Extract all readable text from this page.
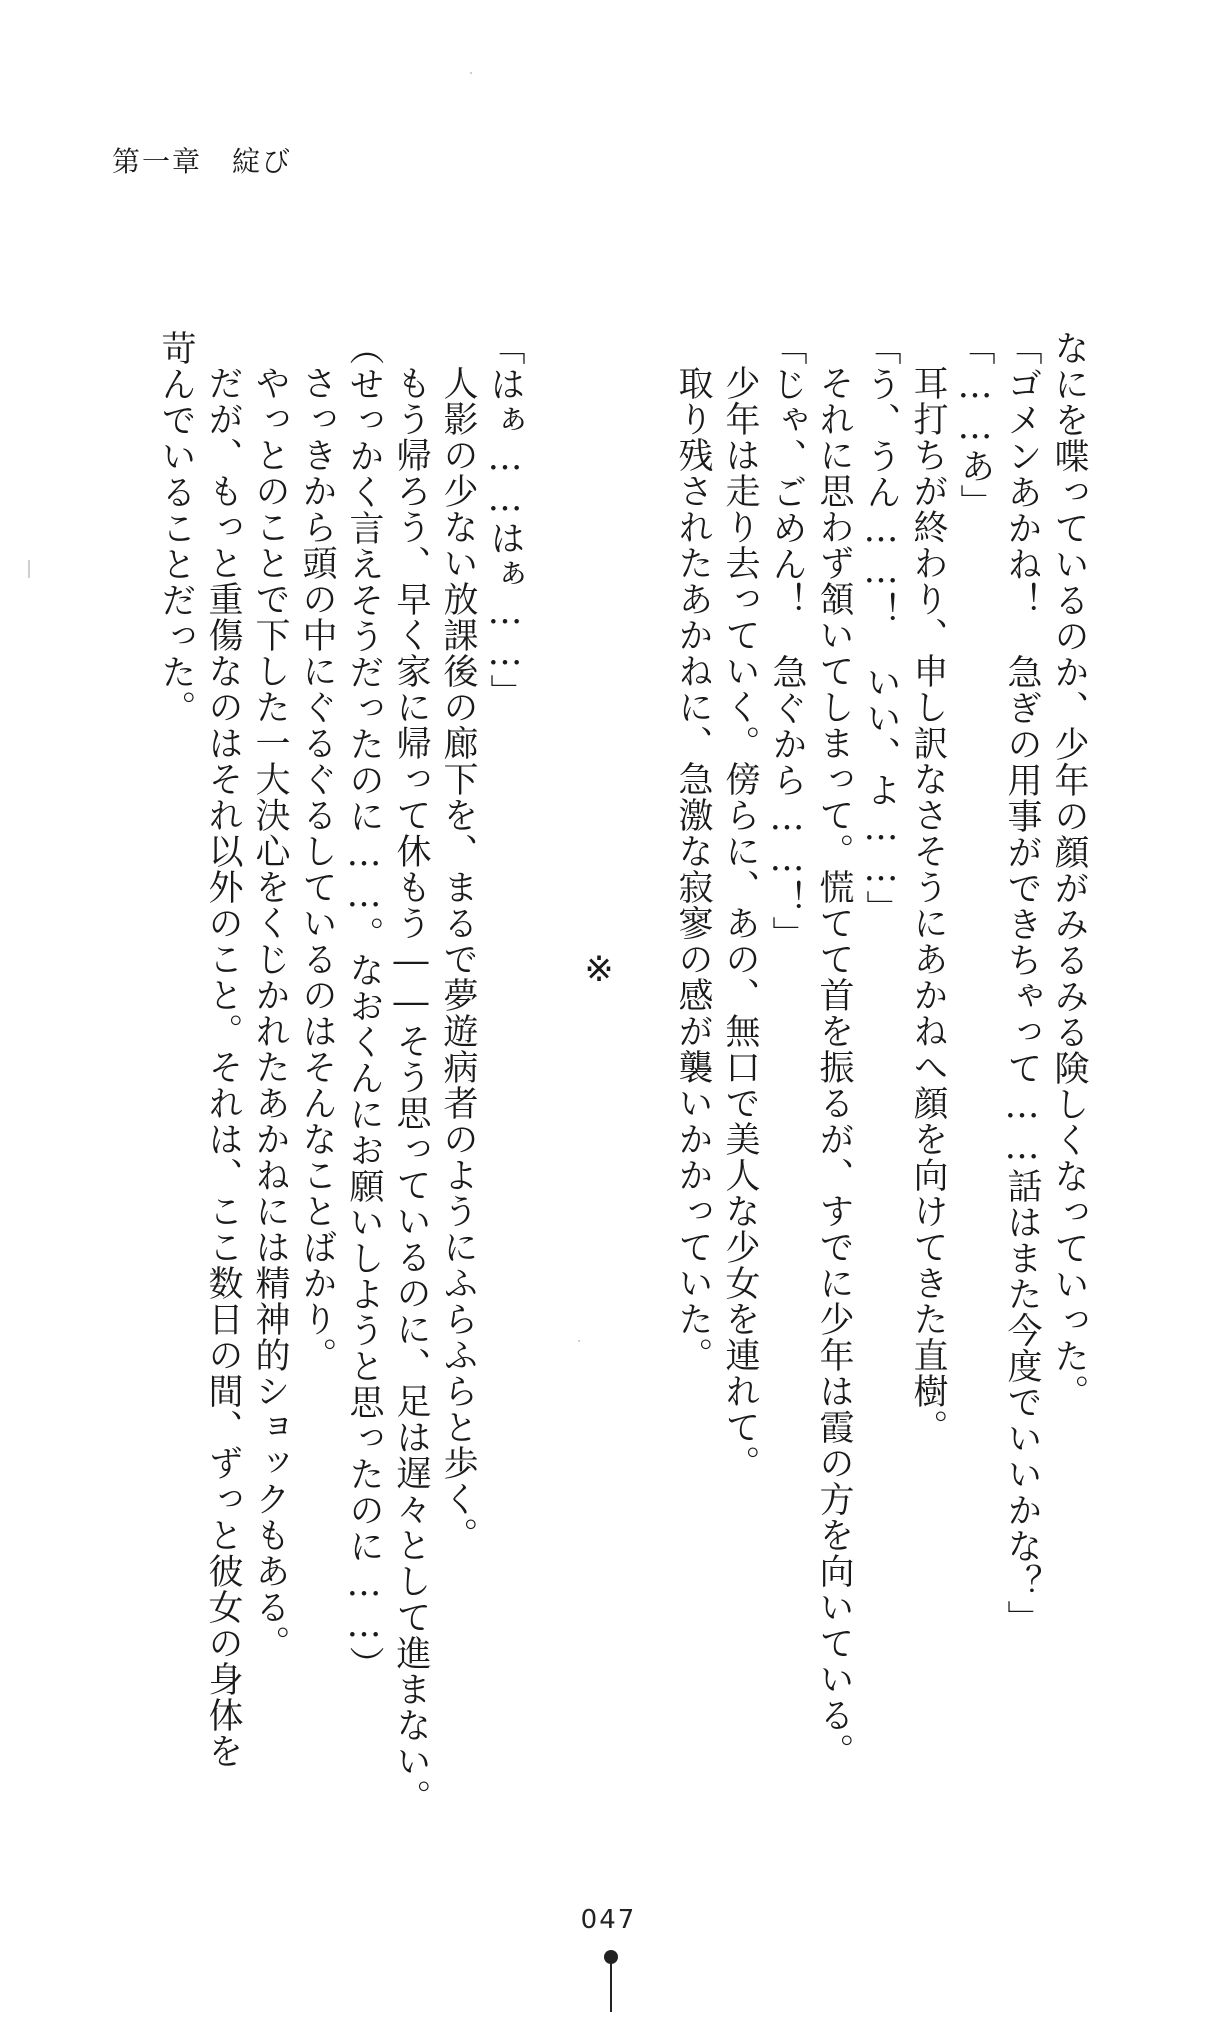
第一章　綻び
なにを喋っているのか、少年の顔がみるみる険しくなっていった。
「ゴメンあかね！　急ぎの用事ができちゃって……話はまた今度でいいかな？」
「……あ」
耳打ちが終わり、申し訳なさそうにあかねへ顔を向けてきた直樹。
「う、うん……！　いい、よ……」
それに思わず頷いてしまって。慌てて首を振るが、すでに少年は霞の方を向いている。
「じゃ、ごめん！　急ぐから……！」
少年は走り去っていく。傍らに、あの、無口で美人な少女を連れて。
取り残されたあかねに、急激な寂寥の感が襲いかかっていた。
※
「はぁ……はぁ……」
人影の少ない放課後の廊下を、まるで夢遊病者のようにふらふらと歩く。
もう帰ろう、早く家に帰って休もう――そう思っているのに、足は遅々として進まない。
（せっかく言えそうだったのに……。なおくんにお願いしようと思ったのに……）
さっきから頭の中にぐるぐるしているのはそんなことばかり。
やっとのことで下した一大決心をくじかれたあかねには精神的ショックもある。
だが、もっと重傷なのはそれ以外のこと。それは、ここ数日の間、ずっと彼女の身体を
苛んでいることだった。
047
